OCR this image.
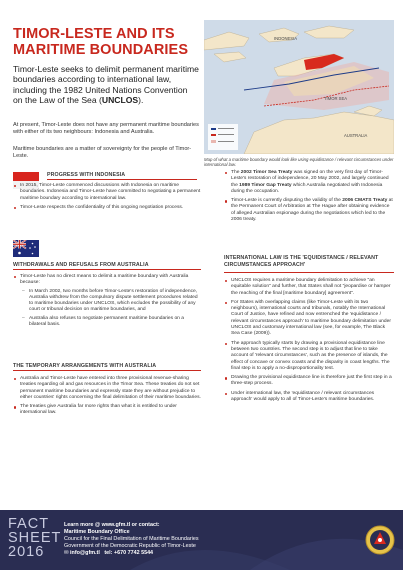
TIMOR-LESTE AND ITS
MARITIME BOUNDARIES
Timor-Leste seeks to delimit permanent maritime boundaries according to international law, including the 1982 United Nations Convention on the Law of the Sea (UNCLOS).
At present, Timor-Leste does not have any permanent maritime boundaries with either of its two neighbours: Indonesia and Australia.
Maritime boundaries are a matter of sovereignty for the people of Timor-Leste.
INDONESIA
TIMOR SEA
AUSTRALIA
Map of what a maritime boundary would look like using equidistance / relevant circumstances under international law.
PROGRESS WITH INDONESIA
In 2015, Timor-Leste commenced discussions with Indonesia on maritime boundaries. Indonesia and Timor-Leste have committed to negotiating a permanent maritime boundary according to international law.
Timor-Leste respects the confidentiality of this ongoing negotiation process.
WITHDRAWALS AND REFUSALS FROM AUSTRALIA
Timor-Leste has no direct means to delimit a maritime boundary with Australia because:
– In March 2002, two months before Timor-Leste's restoration of independence, Australia withdrew from the compulsory dispute settlement procedures related to maritime boundaries under UNCLOS, which excludes the possibility of any court or tribunal decision on maritime boundaries, and
– Australia also refuses to negotiate permanent maritime boundaries on a bilateral basis.
THE TEMPORARY ARRANGEMENTS WITH AUSTRALIA
Australia and Timor-Leste have entered into three provisional revenue-sharing treaties regarding oil and gas resources in the Timor Sea. These treaties do not set permanent maritime boundaries and expressly state they are without prejudice to either countries' rights concerning the final delimitation of their maritime boundaries.
The treaties give Australia far more rights than what it is entitled to under international law.
The 2002 Timor Sea Treaty was signed on the very first day of Timor-Leste's restoration of independence, 20 May 2002, and largely continued the 1989 Timor Gap Treaty which Australia negotiated with Indonesia during the occupation.
Timor-Leste is currently disputing the validity of the 2006 CMATS Treaty at the Permanent Court of Arbitration at The Hague after obtaining evidence of alleged Australian espionage during the negotiations which led to the 2006 treaty.
INTERNATIONAL LAW IS THE 'EQUIDISTANCE / RELEVANT CIRCUMSTANCES APPROACH'
UNCLOS requires a maritime boundary delimitation to achieve "an equitable solution" and further, that States shall not "jeopardise or hamper the reaching of the final [maritime boundary] agreement".
For States with overlapping claims (like Timor-Leste with its two neighbours), international courts and tribunals, notably the International Court of Justice, have refined and now entrenched the 'equidistance / relevant circumstances approach' to maritime boundary delimitation under UNCLOS and customary international law (see, for example, The Black Sea Case (2009)).
The approach typically starts by drawing a provisional equidistance line between two countries. The second step is to adjust that line to take account of 'relevant circumstances', such as the presence of islands, the effect of concave or convex coasts and the disparity in coast lengths. The final step is to apply a no-disproportionality test.
Drawing the provisional equidistance line is therefore just the first step in a three-step process.
Under international law, the 'equidistance / relevant circumstances approach' would apply to all of Timor-Leste's maritime boundaries.
FACT
SHEET
2016
Learn more @ www.gfm.tl or contact:
Maritime Boundary Office
Council for the Final Delimitation of Maritime Boundaries
Government of the Democratic Republic of Timor-Leste
✉ info@gfm.tl tel: +670 7742 5544
